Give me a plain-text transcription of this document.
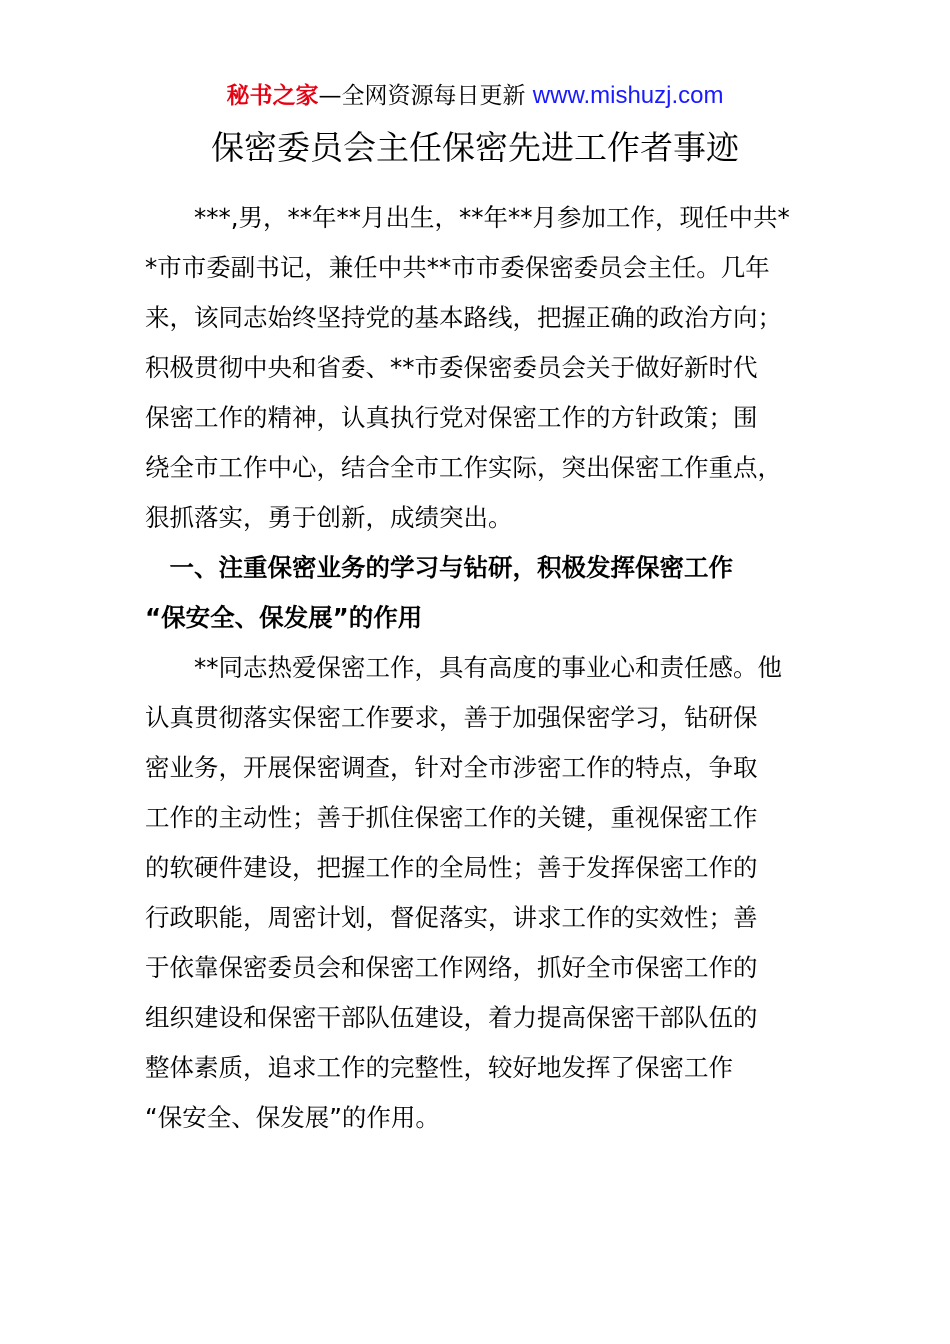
秘书之家—全网资源每日更新 www.mishuzj.com
保密委员会主任保密先进工作者事迹
　　***,男，**年**月出生，**年**月参加工作，现任中共*
*市市委副书记，兼任中共**市市委保密委员会主任。几年
来，该同志始终坚持党的基本路线，把握正确的政治方向；
积极贯彻中央和省委、**市委保密委员会关于做好新时代
保密工作的精神，认真执行党对保密工作的方针政策；围
绕全市工作中心，结合全市工作实际，突出保密工作重点，
狠抓落实，勇于创新，成绩突出。
　一、注重保密业务的学习与钻研，积极发挥保密工作
“保安全、保发展”的作用
　　**同志热爱保密工作，具有高度的事业心和责任感。他
认真贯彻落实保密工作要求，善于加强保密学习，钻研保
密业务，开展保密调查，针对全市涉密工作的特点，争取
工作的主动性；善于抓住保密工作的关键，重视保密工作
的软硬件建设，把握工作的全局性；善于发挥保密工作的
行政职能，周密计划，督促落实，讲求工作的实效性；善
于依靠保密委员会和保密工作网络，抓好全市保密工作的
组织建设和保密干部队伍建设，着力提高保密干部队伍的
整体素质，追求工作的完整性，较好地发挥了保密工作
“保安全、保发展”的作用。
